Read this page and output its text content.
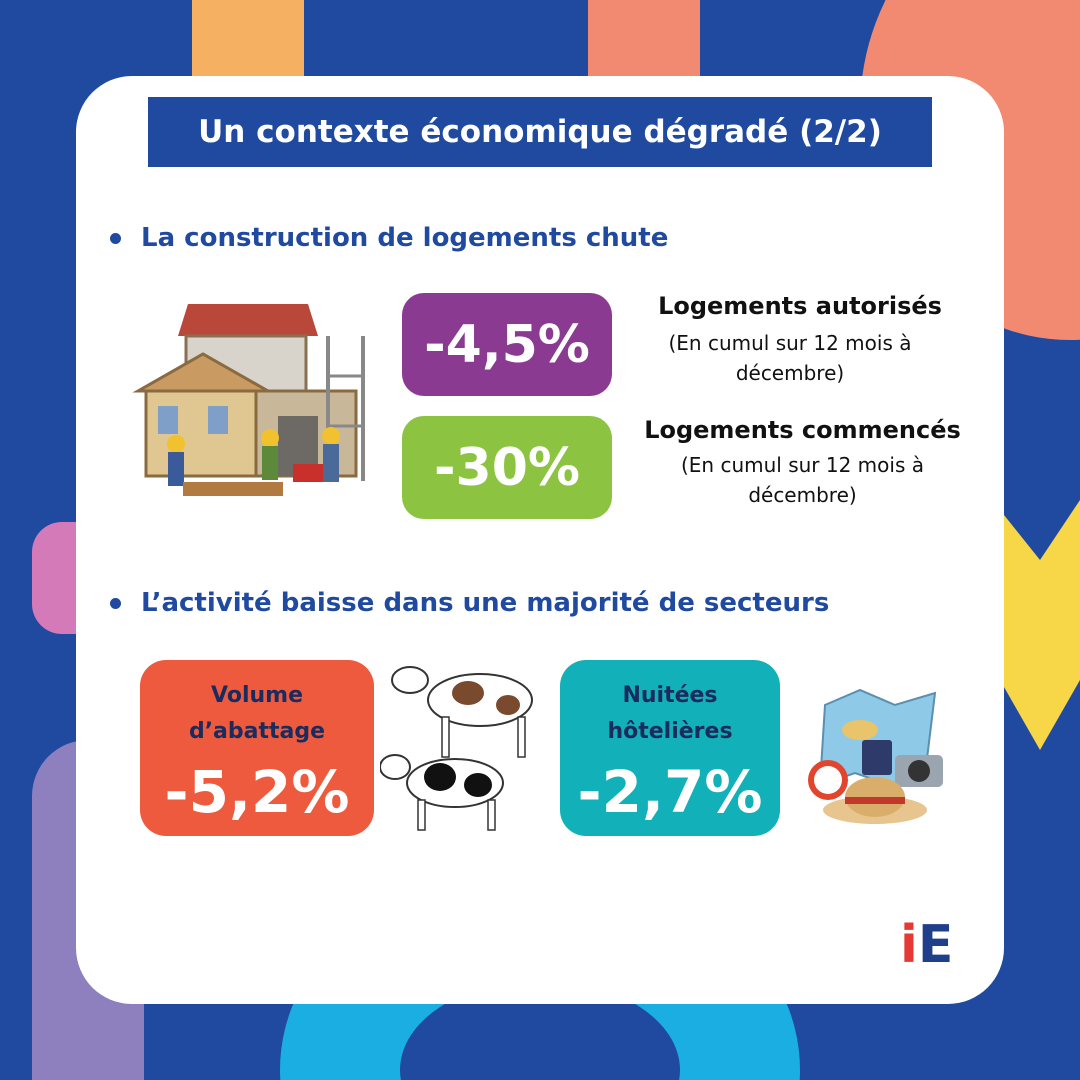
Un contexte économique dégradé (2/2)
La construction de logements chute
-4,5%
Logements autorisés
(En cumul sur 12 mois à
décembre)
-30%
Logements commencés
(En cumul sur 12 mois à
décembre)
L’activité baisse dans une majorité de secteurs
Volume
d’abattage
-5,2%
Nuitées
hôtelières
-2,7%
iE
